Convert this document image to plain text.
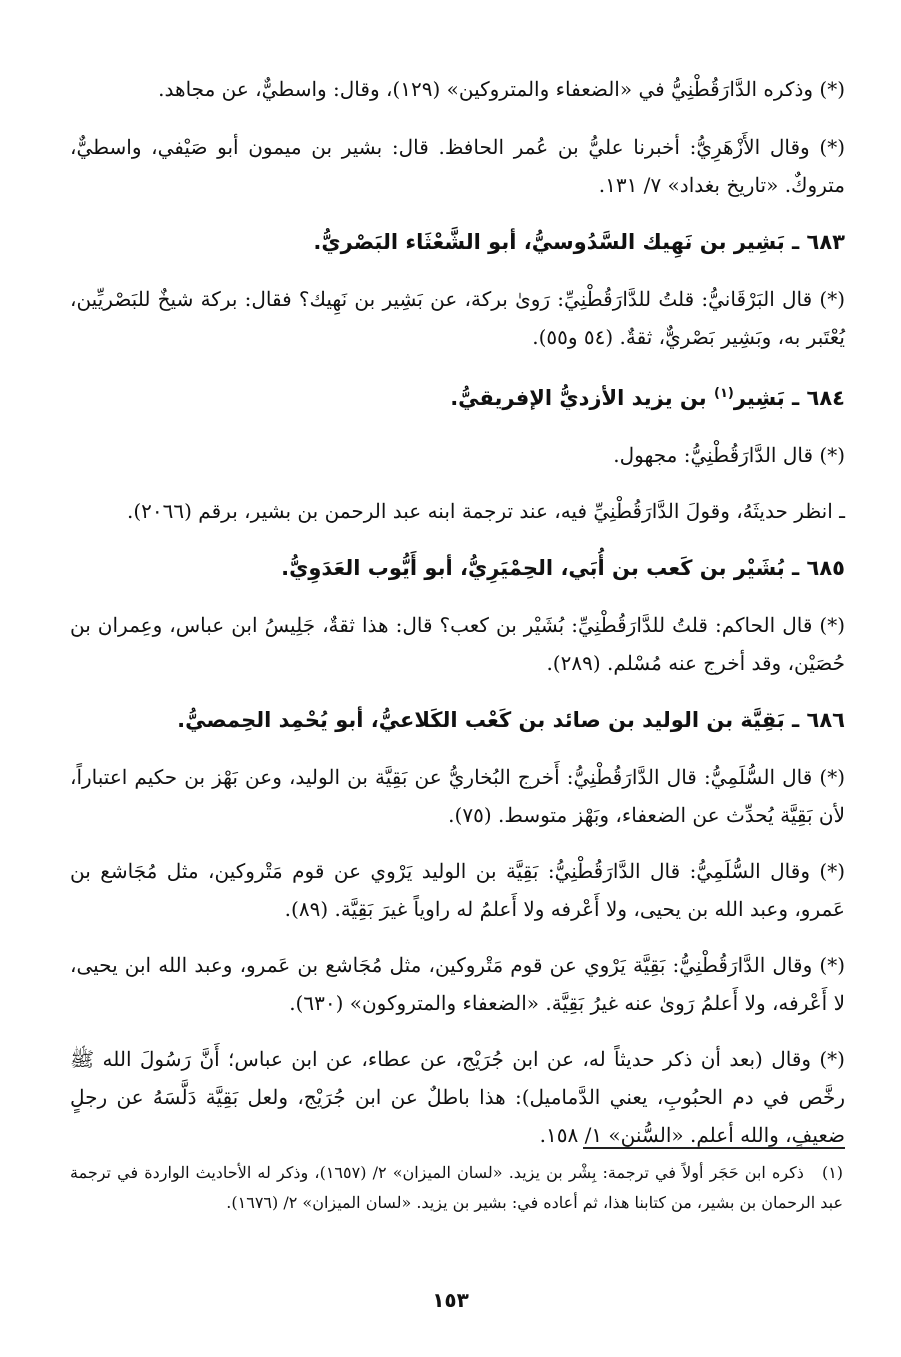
(*) وذكره الدَّارَقُطْنِيُّ في «الضعفاء والمتروكين» (١٢٩)، وقال: واسطيٌّ، عن مجاهد.

(*) وقال الأَزْهَرِيُّ: أخبرنا عليُّ بن عُمر الحافظ. قال: بشير بن ميمون أبو صَيْفي، واسطيٌّ، متروكٌ. «تاريخ بغداد» ٧/ ١٣١.

٦٨٣ ـ بَشِير بن نَهِيك السَّدُوسيُّ، أبو الشَّعْثَاء البَصْريُّ.

(*) قال البَرْقَانيُّ: قلتُ للدَّارَقُطْنِيِّ: رَوىٰ بركة، عن بَشِير بن نَهِيك؟ فقال: بركة شيخٌ للبَصْريِّين، يُعْتَبر به، وبَشِير بَصْريٌّ، ثقةٌ. (٥٤ و٥٥).

٦٨٤ ـ بَشِير$^{(١)}$ بن يزيد الأزديُّ الإفريقيُّ.

(*) قال الدَّارَقُطْنِيُّ: مجهول.

ـ انظر حديثَهُ، وقولَ الدَّارَقُطْنِيِّ فيه، عند ترجمة ابنه عبد الرحمن بن بشير، برقم (٢٠٦٦).

٦٨٥ ـ بُشَيْر بن كَعب بن أُبَي، الحِمْيَرِيُّ، أبو أَيُّوب العَدَوِيُّ.

(*) قال الحاكم: قلتُ للدَّارَقُطْنِيِّ: بُشَيْر بن كعب؟ قال: هذا ثقةٌ، جَلِيسُ ابن عباس، وعِمران بن حُصَيْن، وقد أخرج عنه مُسْلم. (٢٨٩).

٦٨٦ ـ بَقِيَّة بن الوليد بن صائد بن كَعْب الكَلاعيُّ، أبو يُحْمِد الحِمصيُّ.

(*) قال السُّلَمِيُّ: قال الدَّارَقُطْنِيُّ: أَخرج البُخاريُّ عن بَقِيَّة بن الوليد، وعن بَهْز بن حكيم اعتباراً، لأن بَقِيَّة يُحدِّث عن الضعفاء، وبَهْز متوسط. (٧٥).

(*) وقال السُّلَمِيُّ: قال الدَّارَقُطْنِيُّ: بَقِيَّة بن الوليد يَرْوي عن قوم مَتْروكين، مثل مُجَاشع بن عَمرو، وعبد الله بن يحيى، ولا أَعْرفه ولا أَعلمُ له راوياً غيرَ بَقِيَّة. (٨٩).

(*) وقال الدَّارَقُطْنِيُّ: بَقِيَّة يَرْوي عن قوم مَتْروكين، مثل مُجَاشع بن عَمرو، وعبد الله ابن يحيى، لا أَعْرفه، ولا أَعلمُ رَوىٰ عنه غيرُ بَقِيَّة. «الضعفاء والمتروكون» (٦٣٠).

(*) وقال (بعد أن ذكر حديثاً له، عن ابن جُرَيْج، عن عطاء، عن ابن عباس؛ أَنَّ رَسُولَ الله ﷺ رخَّص في دم الحبُوبِ، يعني الدَّماميل): هذا باطلٌ عن ابن جُرَيْج، ولعل بَقِيَّة دَلَّسَهُ عن رجلٍ ضعيفٍ، والله أعلم. «السُّنن» ١/ ١٥٨.

(١)ذكره ابن حَجَر أولاً في ترجمة: بِشْر بن يزيد. «لسان الميزان» ٢/ (١٦٥٧)، وذكر له الأحاديث الواردة في ترجمة عبد الرحمان بن بشير، من كتابنا هذا، ثم أعاده في: بشير بن يزيد. «لسان الميزان» ٢/ (١٦٧٦).
١٥٣
